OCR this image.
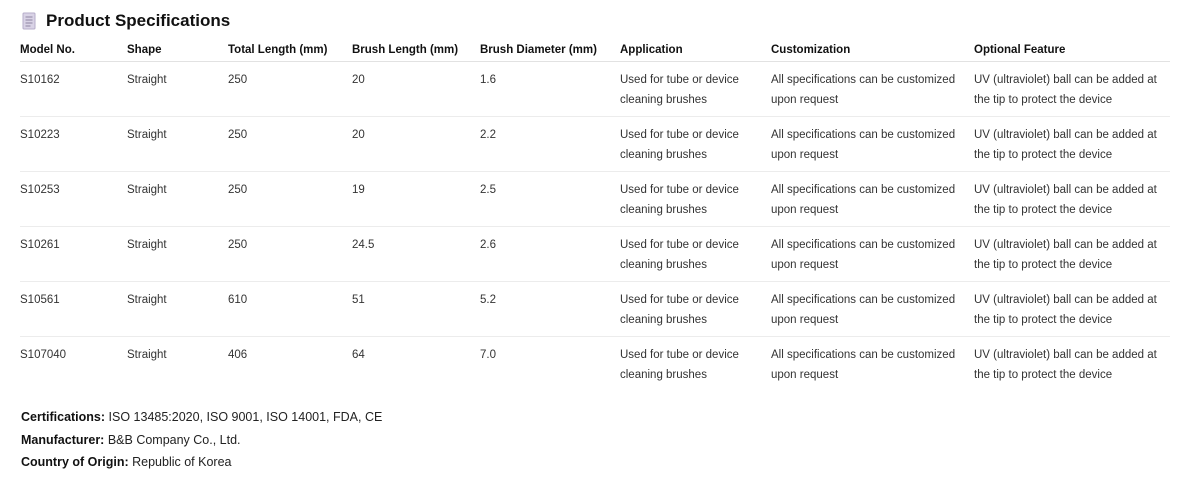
Product Specifications
Model No.	Shape	Total Length (mm)	Brush Length (mm)	Brush Diameter (mm)	Application	Customization	Optional Feature

S10162	Straight	250	20	1.6	Used for tube or device cleaning brushes	All specifications can be customized upon request	UV (ultraviolet) ball can be added at the tip to protect the device

S10223	Straight	250	20	2.2	Used for tube or device cleaning brushes	All specifications can be customized upon request	UV (ultraviolet) ball can be added at the tip to protect the device

S10253	Straight	250	19	2.5	Used for tube or device cleaning brushes	All specifications can be customized upon request	UV (ultraviolet) ball can be added at the tip to protect the device

S10261	Straight	250	24.5	2.6	Used for tube or device cleaning brushes	All specifications can be customized upon request	UV (ultraviolet) ball can be added at the tip to protect the device

S10561	Straight	610	51	5.2	Used for tube or device cleaning brushes	All specifications can be customized upon request	UV (ultraviolet) ball can be added at the tip to protect the device

S107040	Straight	406	64	7.0	Used for tube or device cleaning brushes	All specifications can be customized upon request	UV (ultraviolet) ball can be added at the tip to protect the device
Certifications: ISO 13485:2020, ISO 9001, ISO 14001, FDA, CE
Manufacturer: B&B Company Co., Ltd.
Country of Origin: Republic of Korea
